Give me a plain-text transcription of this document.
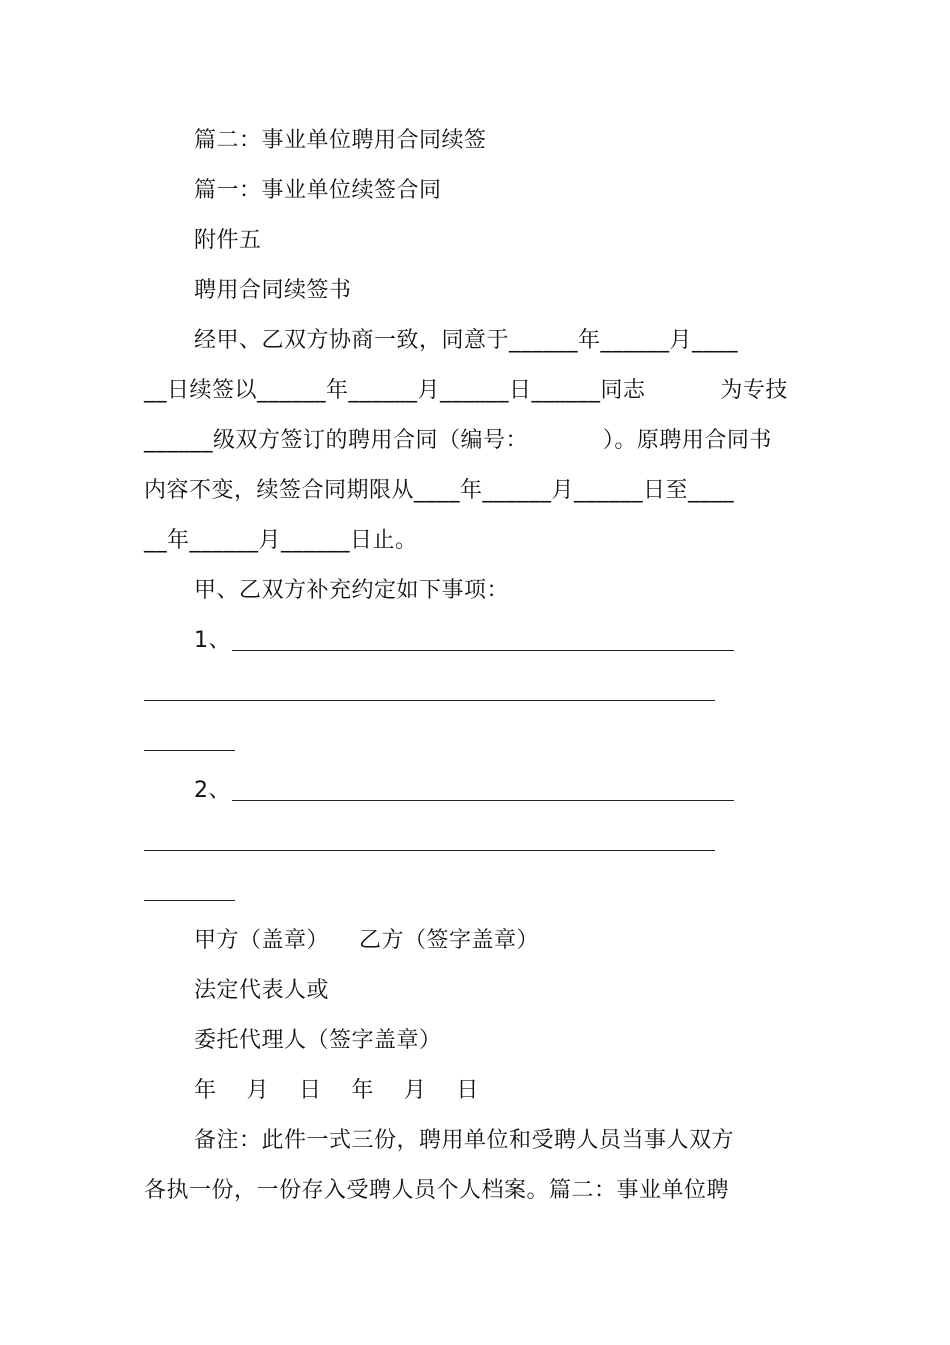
篇二：事业单位聘用合同续签
篇一：事业单位续签合同
附件五
聘用合同续签书
经甲、乙双方协商一致，同意于______年______月____
__日续签以______年______月______日______同志          为专技
______级双方签订的聘用合同（编号：          ）。原聘用合同书
内容不变，续签合同期限从____年______月______日至____
__年______月______日止。
甲、乙双方补充约定如下事项：
1、
2、
甲方（盖章）    乙方（签字盖章）
法定代表人或
委托代理人（签字盖章）
年    月    日    年    月    日
备注：此件一式三份，聘用单位和受聘人员当事人双方
各执一份，一份存入受聘人员个人档案。篇二：事业单位聘
